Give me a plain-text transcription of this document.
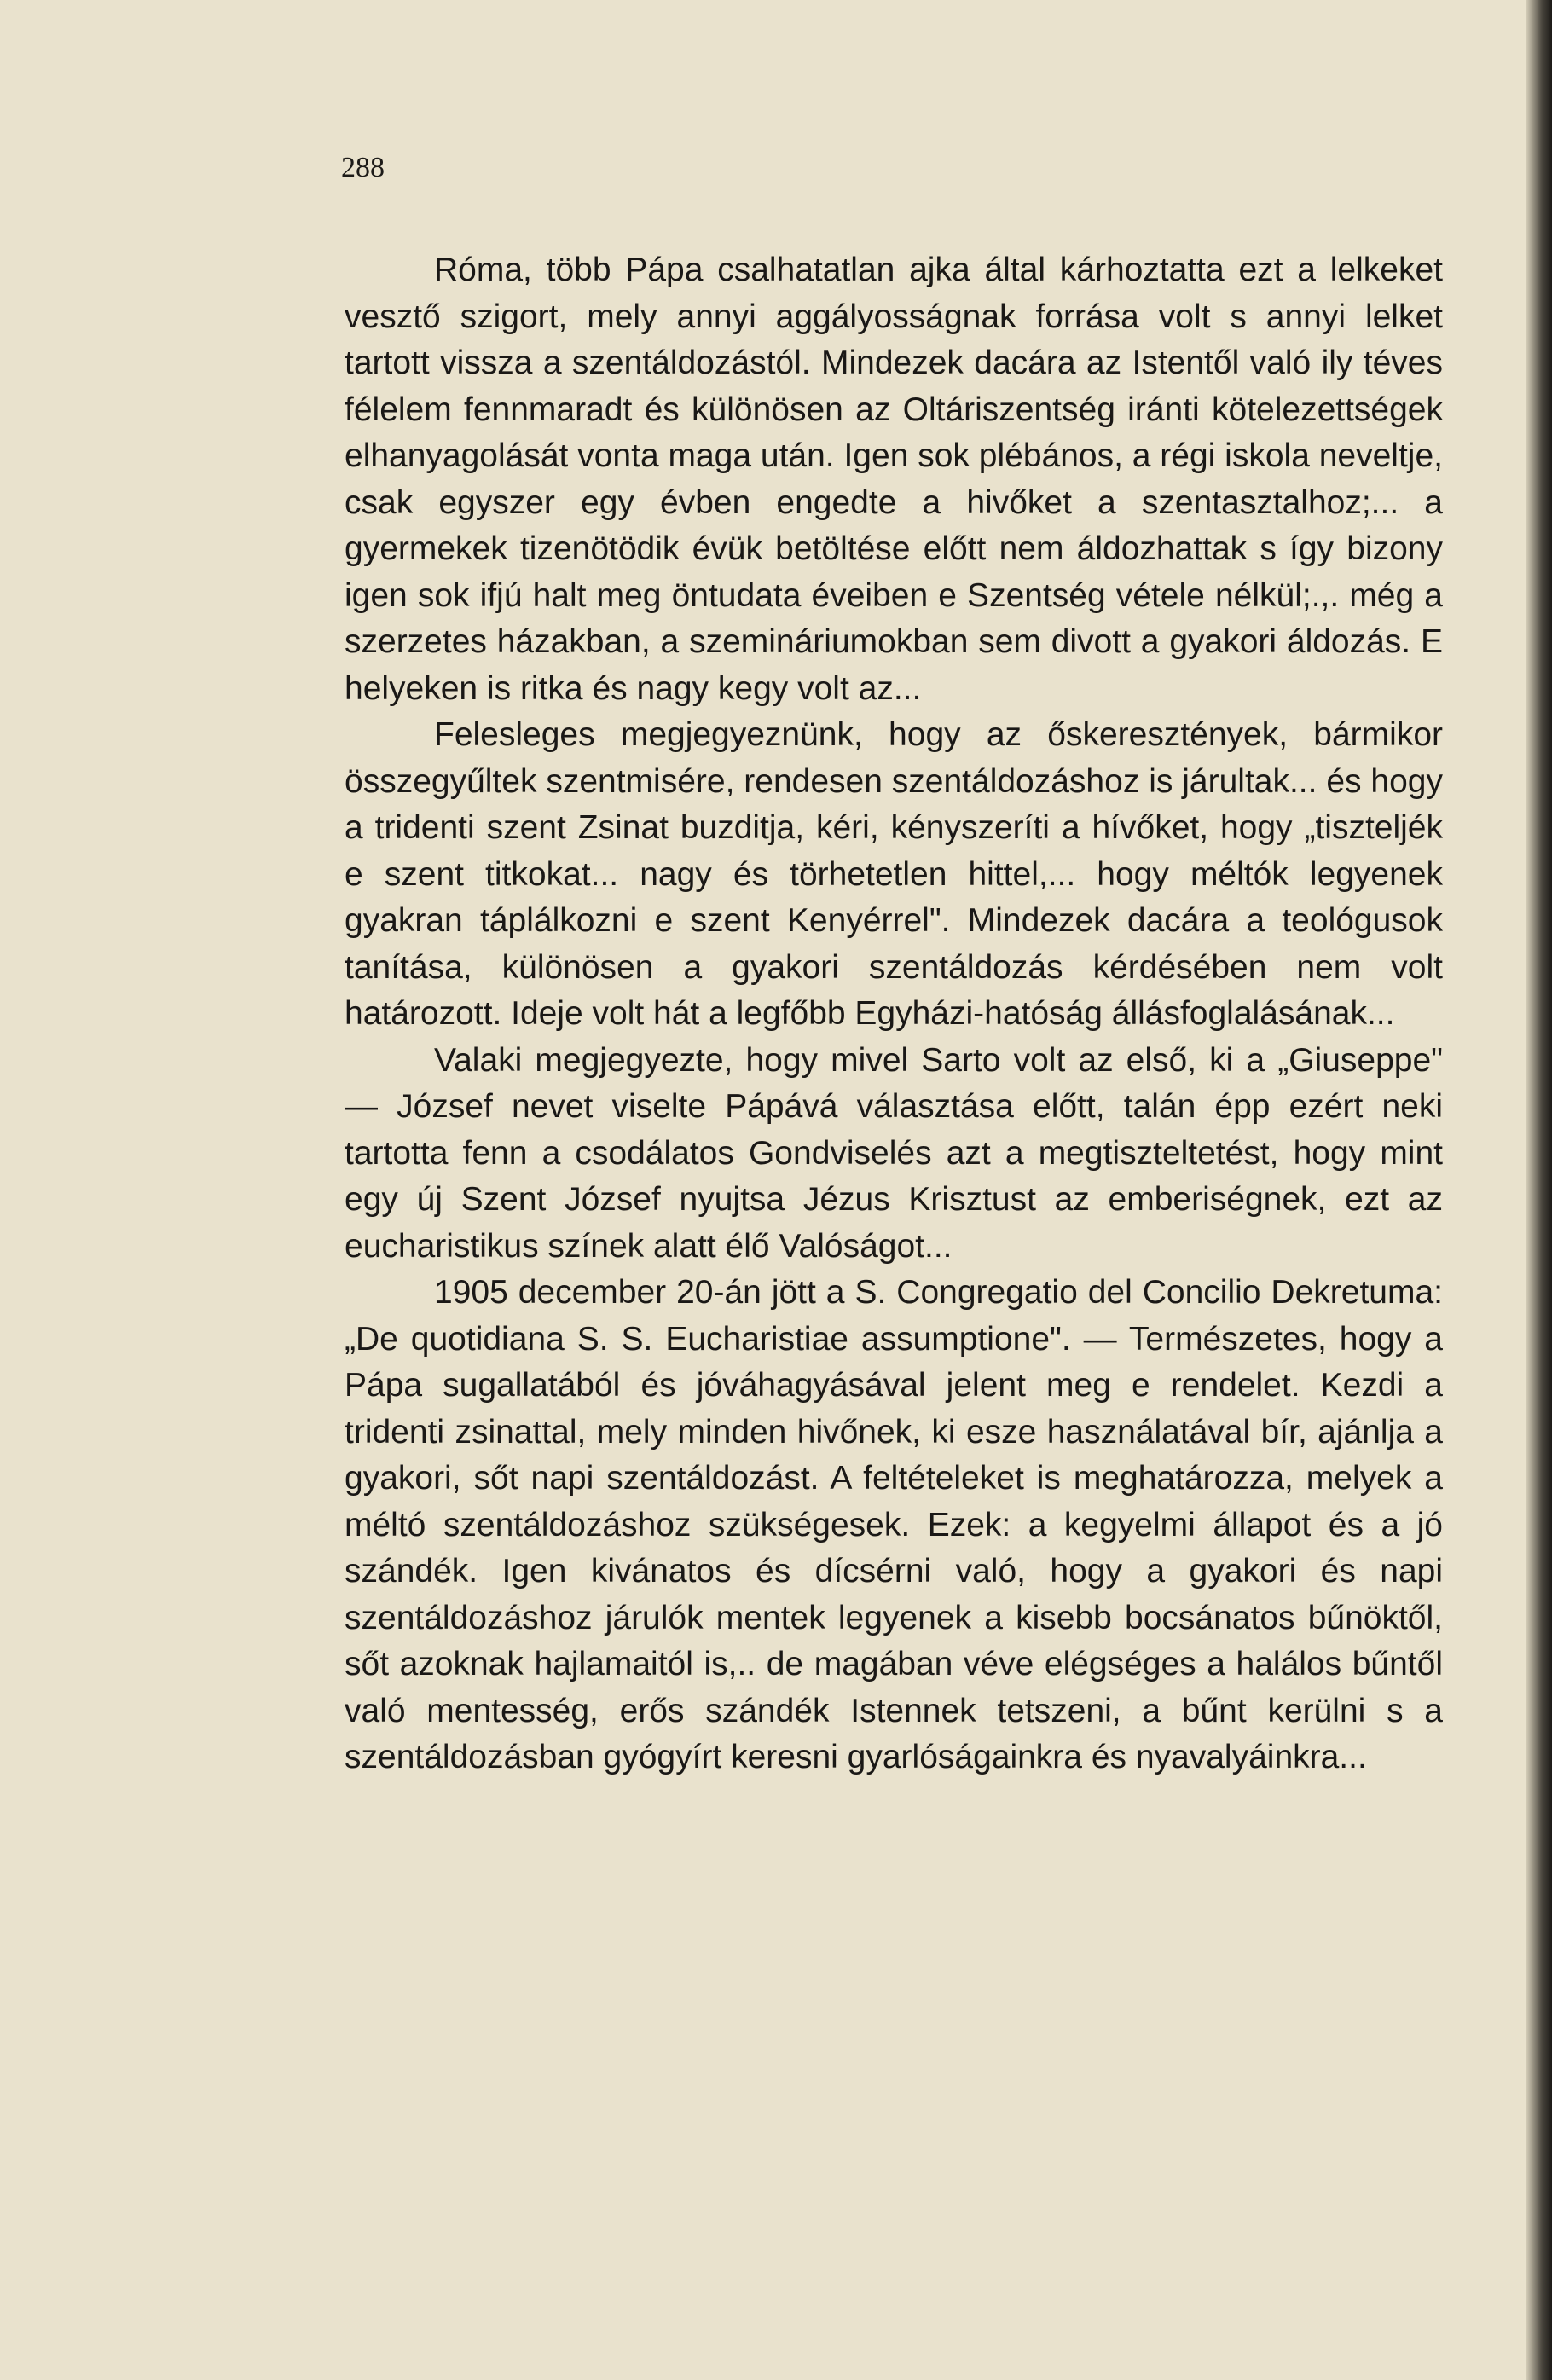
288

Róma, több Pápa csalhatatlan ajka által kárhoztatta ezt a lelkeket vesztő szigort, mely annyi aggályosságnak forrása volt s annyi lelket tartott vissza a szentáldozástól. Mindezek dacára az Istentől való ily téves félelem fennmaradt és különösen az Oltáriszentség iránti kötelezettségek elhanyagolását vonta maga után. Igen sok plébános, a régi iskola neveltje, csak egyszer egy évben engedte a hivőket a szentasztalhoz;... a gyermekek tizenötödik évük betöltése előtt nem áldozhattak s így bizony igen sok ifjú halt meg öntudata éveiben e Szentség vétele nélkül;.,. még a szerzetes házakban, a szemináriumokban sem divott a gyakori áldozás. E helyeken is ritka és nagy kegy volt az...

Felesleges megjegyeznünk, hogy az őskeresztények, bármikor összegyűltek szentmisére, rendesen szentáldozáshoz is járultak... és hogy a tridenti szent Zsinat buzditja, kéri, kényszeríti a hívőket, hogy „tiszteljék e szent titkokat... nagy és törhetetlen hittel,... hogy méltók legyenek gyakran táplálkozni e szent Kenyérrel". Mindezek dacára a teológusok tanítása, különösen a gyakori szentáldozás kérdésében nem volt határozott. Ideje volt hát a legfőbb Egyházi-hatóság állásfoglalásának...

Valaki megjegyezte, hogy mivel Sarto volt az első, ki a „Giuseppe" — József nevet viselte Pápává választása előtt, talán épp ezért neki tartotta fenn a csodálatos Gondviselés azt a megtiszteltetést, hogy mint egy új Szent József nyujtsa Jézus Krisztust az emberiségnek, ezt az eucharistikus színek alatt élő Valóságot...

1905 december 20-án jött a S. Congregatio del Concilio Dekretuma: „De quotidiana S. S. Eucharistiae assumptione". — Természetes, hogy a Pápa sugallatából és jóváhagyásával jelent meg e rendelet. Kezdi a tridenti zsinattal, mely minden hivőnek, ki esze használatával bír, ajánlja a gyakori, sőt napi szentáldozást. A feltételeket is meghatározza, melyek a méltó szentáldozáshoz szükségesek. Ezek: a kegyelmi állapot és a jó szándék. Igen kivánatos és dícsérni való, hogy a gyakori és napi szentáldozáshoz járulók mentek legyenek a kisebb bocsánatos bűnöktől, sőt azoknak hajlamaitól is,.. de magában véve elégséges a halálos bűntől való mentesség, erős szándék Istennek tetszeni, a bűnt kerülni s a szentáldozásban gyógyírt keresni gyarlóságainkra és nyavalyáinkra...
